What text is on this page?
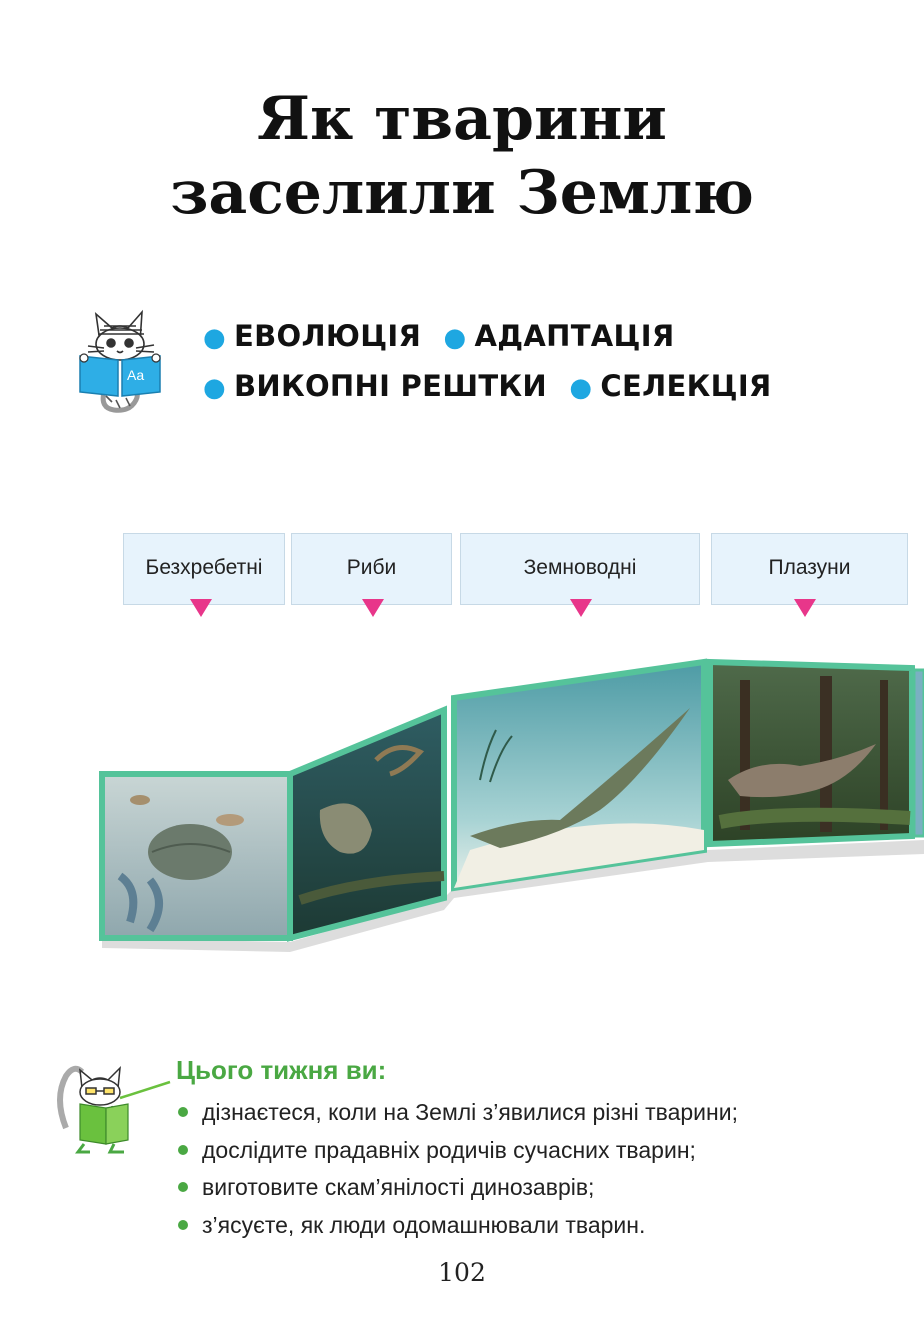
Як тварини
заселили Землю
Aa
● ЕВОЛЮЦІЯ ● АДАПТАЦІЯ
● ВИКОПНІ РЕШТКИ ● СЕЛЕКЦІЯ
Безхребетні	Риби	Земноводні	Плазуни
Цього тижня ви:
дізнаєтеся, коли на Землі з’явилися різні тварини;
дослідите прадавніх родичів сучасних тварин;
виготовите скам’янілості динозаврів;
з’ясуєте, як люди одомашнювали тварин.
102
